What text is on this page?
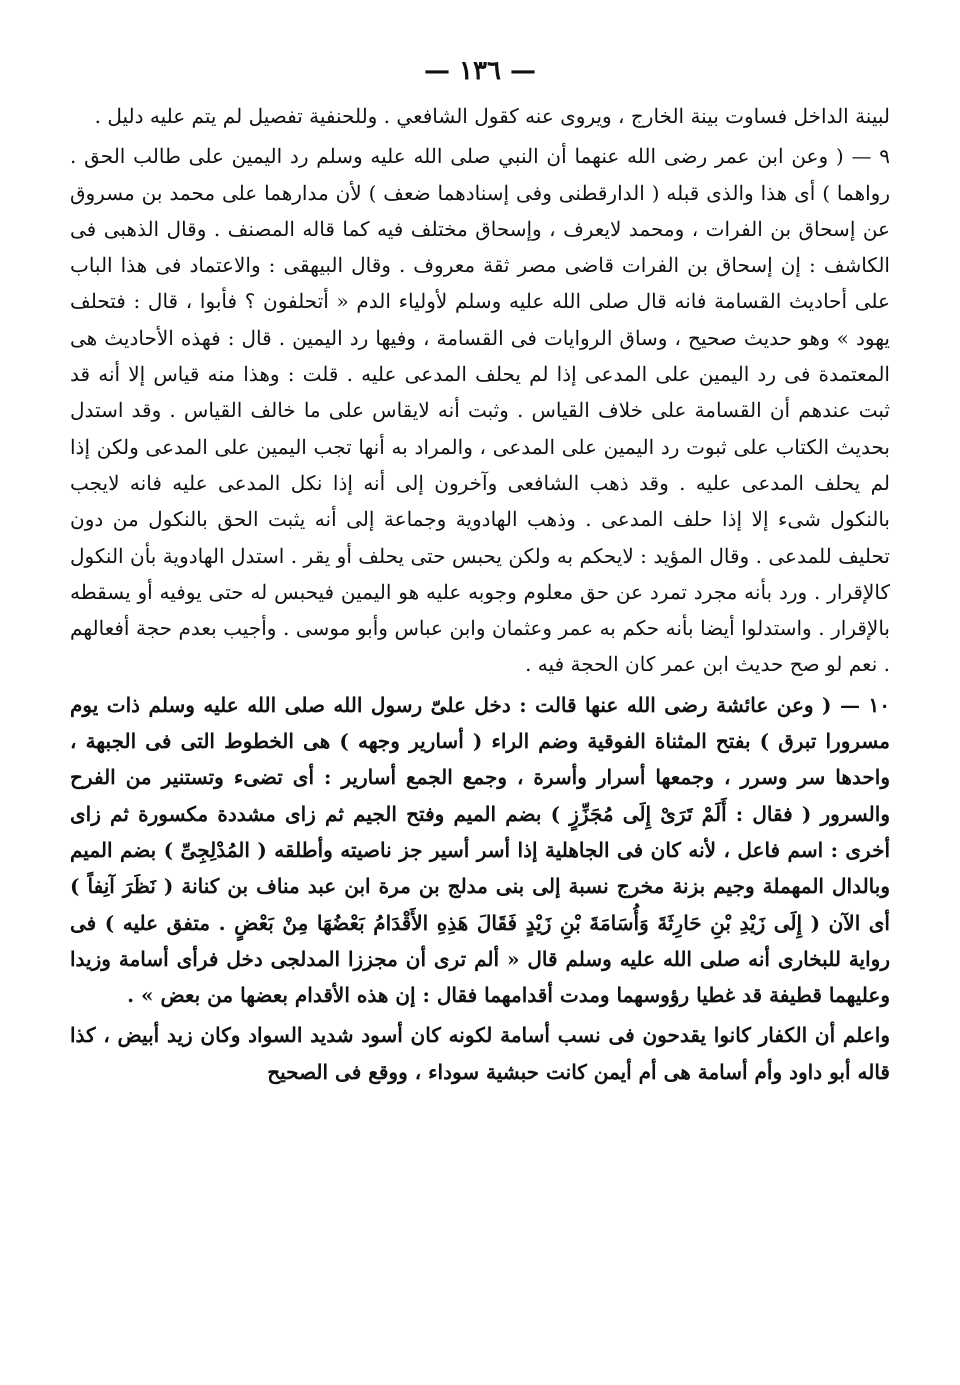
— ١٣٦ —

لبينة الداخل فساوت بينة الخارج ، ويروى عنه كقول الشافعي . وللحنفية تفصيل لم يتم عليه دليل .

٩ — ( وعن ابن عمر رضى الله عنهما أن النبي صلى الله عليه وسلم رد اليمين على طالب الحق . رواهما ) أى هذا والذى قبله ( الدارقطنى وفى إسنادهما ضعف ) لأن مدارهما على محمد بن مسروق عن إسحاق بن الفرات ، ومحمد لايعرف ، وإسحاق مختلف فيه كما قاله المصنف . وقال الذهبى فى الكاشف : إن إسحاق بن الفرات قاضى مصر ثقة معروف . وقال البيهقى : والاعتماد فى هذا الباب على أحاديث القسامة فانه قال صلى الله عليه وسلم لأولياء الدم « أتحلفون ؟ فأبوا ، قال : فتحلف يهود » وهو حديث صحيح ، وساق الروايات فى القسامة ، وفيها رد اليمين . قال : فهذه الأحاديث هى المعتمدة فى رد اليمين على المدعى إذا لم يحلف المدعى عليه . قلت : وهذا منه قياس إلا أنه قد ثبت عندهم أن القسامة على خلاف القياس . وثبت أنه لايقاس على ما خالف القياس . وقد استدل بحديث الكتاب على ثبوت رد اليمين على المدعى ، والمراد به أنها تجب اليمين على المدعى ولكن إذا لم يحلف المدعى عليه . وقد ذهب الشافعى وآخرون إلى أنه إذا نكل المدعى عليه فانه لايجب بالنكول شىء إلا إذا حلف المدعى . وذهب الهادوية وجماعة إلى أنه يثبت الحق بالنكول من دون تحليف للمدعى . وقال المؤيد : لايحكم به ولكن يحبس حتى يحلف أو يقر . استدل الهادوية بأن النكول كالإقرار . ورد بأنه مجرد تمرد عن حق معلوم وجوبه عليه هو اليمين فيحبس له حتى يوفيه أو يسقطه بالإقرار . واستدلوا أيضا بأنه حكم به عمر وعثمان وابن عباس وأبو موسى . وأجيب بعدم حجة أفعالهم . نعم لو صح حديث ابن عمر كان الحجة فيه .

١٠ — ( وعن عائشة رضى الله عنها قالت : دخل علىّ رسول الله صلى الله عليه وسلم ذات يوم مسرورا تبرق ) بفتح المثناة الفوقية وضم الراء ( أسارير وجهه ) هى الخطوط التى فى الجبهة ، واحدها سر وسرر ، وجمعها أسرار وأسرة ، وجمع الجمع أسارير : أى تضىء وتستنير من الفرح والسرور ( فقال : أَلَمْ تَرَىْ إِلَى مُجَزِّزٍ ) بضم الميم وفتح الجيم ثم زاى مشددة مكسورة ثم زاى أخرى : اسم فاعل ، لأنه كان فى الجاهلية إذا أسر أسير جز ناصيته وأطلقه ( المُدْلِجِىِّ ) بضم الميم وبالدال المهملة وجيم بزنة مخرج نسبة إلى بنى مدلج بن مرة ابن عبد مناف بن كنانة ( نَظَرَ آنِفاً ) أى الآن ( إِلَى زَيْدِ بْنِ حَارِثَةَ وَأُسَامَةَ بْنِ زَيْدٍ فَقَالَ هَذِهِ الأَقْدَامُ بَعْضُهَا مِنْ بَعْضٍ . متفق عليه ) فى رواية للبخارى أنه صلى الله عليه وسلم قال « ألم ترى أن مجززا المدلجى دخل فرأى أسامة وزيدا وعليهما قطيفة قد غطيا رؤوسهما ومدت أقدامهما فقال : إن هذه الأقدام بعضها من بعض » .

واعلم أن الكفار كانوا يقدحون فى نسب أسامة لكونه كان أسود شديد السواد وكان زيد أبيض ، كذا قاله أبو داود وأم أسامة هى أم أيمن كانت حبشية سوداء ، ووقع فى الصحيح
